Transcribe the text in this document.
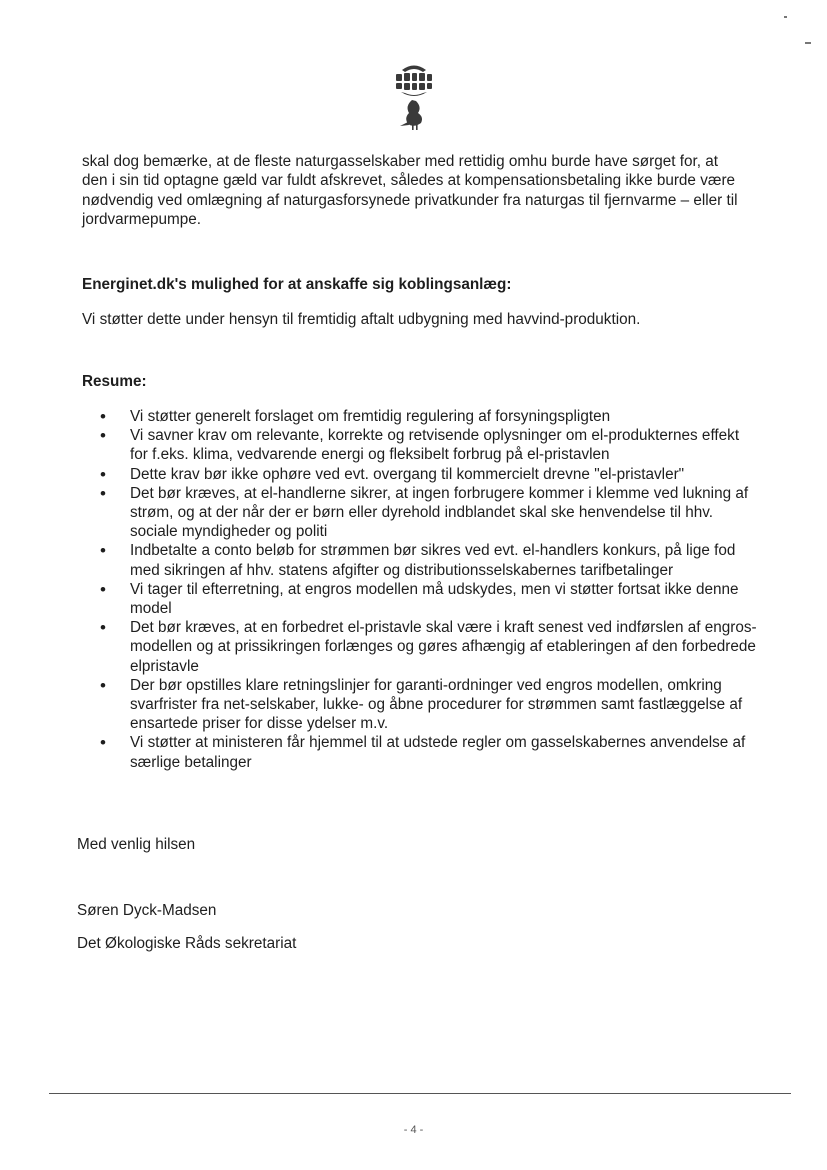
skal dog bemærke, at de fleste naturgasselskaber med rettidig omhu burde have sørget for, at den i sin tid optagne gæld var fuldt afskrevet, således at kompensationsbetaling ikke burde være nødvendig ved omlægning af naturgasforsynede privatkunder fra naturgas til fjernvarme – eller til jordvarmepumpe.

Energinet.dk's mulighed for at anskaffe sig koblingsanlæg:

Vi støtter dette under hensyn til fremtidig aftalt udbygning med havvind-produktion.

Resume:

• Vi støtter generelt forslaget om fremtidig regulering af forsyningspligten
• Vi savner krav om relevante, korrekte og retvisende oplysninger om el-produkternes effekt for f.eks. klima, vedvarende energi og fleksibelt forbrug på el-pristavlen
• Dette krav bør ikke ophøre ved evt. overgang til kommercielt drevne "el-pristavler"
• Det bør kræves, at el-handlerne sikrer, at ingen forbrugere kommer i klemme ved lukning af strøm, og at der når der er børn eller dyrehold indblandet skal ske henvendelse til hhv. sociale myndigheder og politi
• Indbetalte a conto beløb for strømmen bør sikres ved evt. el-handlers konkurs, på lige fod med sikringen af hhv. statens afgifter og distributionsselskabernes tarifbetalinger
• Vi tager til efterretning, at engros modellen må udskydes, men vi støtter fortsat ikke denne model
• Det bør kræves, at en forbedret el-pristavle skal være i kraft senest ved indførslen af engros-modellen og at prissikringen forlænges og gøres afhængig af etableringen af den forbedrede elpristavle
• Der bør opstilles klare retningslinjer for garanti-ordninger ved engros modellen, omkring svarfrister fra net-selskaber, lukke- og åbne procedurer for strømmen samt fastlæggelse af ensartede priser for disse ydelser m.v.
• Vi støtter at ministeren får hjemmel til at udstede regler om gasselskabernes anvendelse af særlige betalinger

Med venlig hilsen

Søren Dyck-Madsen

Det Økologiske Råds sekretariat

- 4 -
